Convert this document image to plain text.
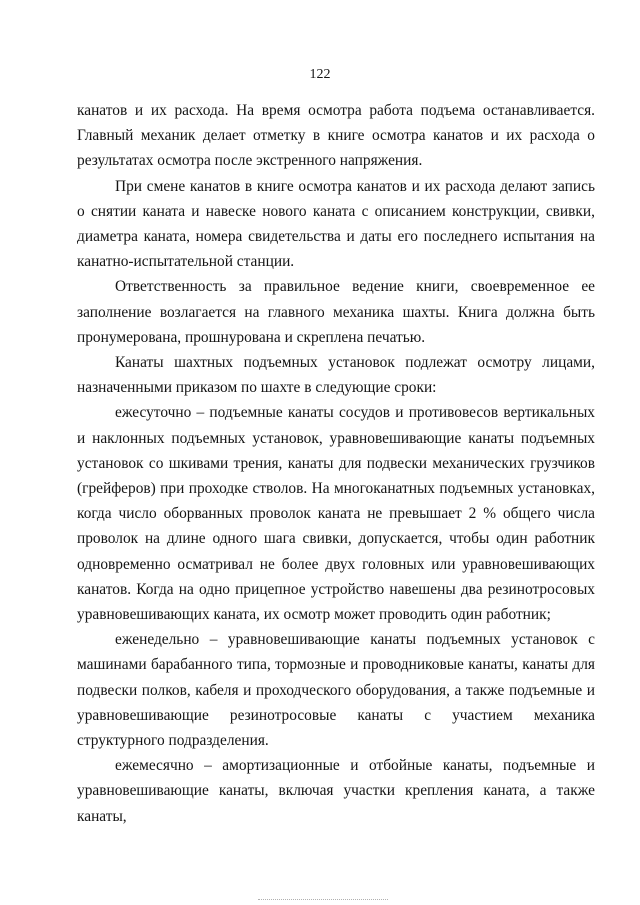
122

канатов и их расхода. На время осмотра работа подъема останавливается. Главный механик делает отметку в книге осмотра канатов и их расхода о результатах осмотра после экстренного напряжения.

При смене канатов в книге осмотра канатов и их расхода делают запись о снятии каната и навеске нового каната с описанием конструкции, свивки, диаметра каната, номера свидетельства и даты его последнего испытания на канатно-испытательной станции.

Ответственность за правильное ведение книги, своевременное ее заполнение возлагается на главного механика шахты. Книга должна быть пронумерована, прошнурована и скреплена печатью.

Канаты шахтных подъемных установок подлежат осмотру лицами, назначенными приказом по шахте в следующие сроки:

ежесуточно – подъемные канаты сосудов и противовесов вертикальных и наклонных подъемных установок, уравновешивающие канаты подъемных установок со шкивами трения, канаты для подвески механических грузчиков (грейферов) при проходке стволов. На многоканатных подъемных установках, когда число оборванных проволок каната не превышает 2 % общего числа проволок на длине одного шага свивки, допускается, чтобы один работник одновременно осматривал не более двух головных или уравновешивающих канатов. Когда на одно прицепное устройство навешены два резинотросовых уравновешивающих каната, их осмотр может проводить один работник;

еженедельно – уравновешивающие канаты подъемных установок с машинами барабанного типа, тормозные и проводниковые канаты, канаты для подвески полков, кабеля и проходческого оборудования, а также подъемные и уравновешивающие резинотросовые канаты с участием механика структурного подразделения.

ежемесячно – амортизационные и отбойные канаты, подъемные и уравновешивающие канаты, включая участки крепления каната, а также канаты,
